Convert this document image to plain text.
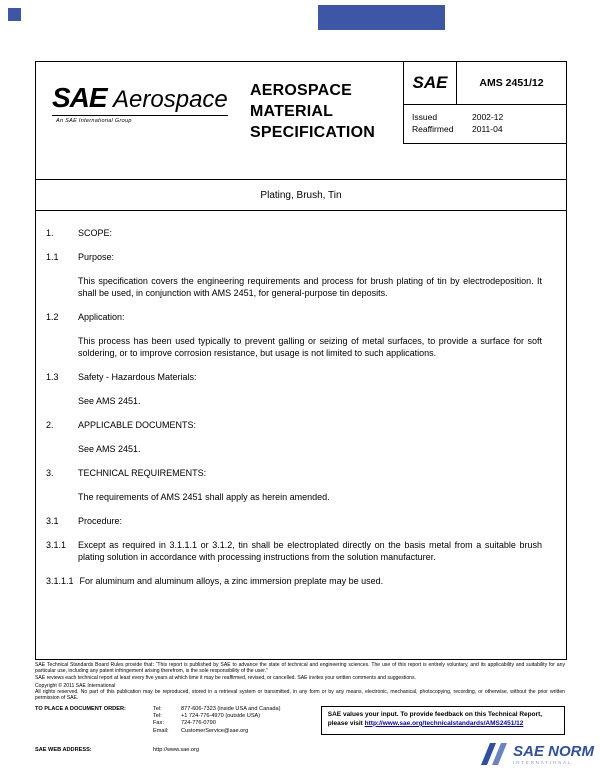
SAE Aerospace
An SAE International Group
AEROSPACE
MATERIAL
SPECIFICATION
SAE	AMS 2451/12
Issued	2002-12
Reaffirmed	2011-04
Plating, Brush, Tin
1.	SCOPE:
1.1	Purpose:
This specification covers the engineering requirements and process for brush plating of tin by electrodeposition. It shall be used, in conjunction with AMS 2451, for general-purpose tin deposits.
1.2	Application:
This process has been used typically to prevent galling or seizing of metal surfaces, to provide a surface for soft soldering, or to improve corrosion resistance, but usage is not limited to such applications.
1.3	Safety - Hazardous Materials:
See AMS 2451.
2.	APPLICABLE DOCUMENTS:
See AMS 2451.
3.	TECHNICAL REQUIREMENTS:
The requirements of AMS 2451 shall apply as herein amended.
3.1	Procedure:
3.1.1	Except as required in 3.1.1.1 or 3.1.2, tin shall be electroplated directly on the basis metal from a suitable brush plating solution in accordance with processing instructions from the solution manufacturer.
3.1.1.1 For aluminum and aluminum alloys, a zinc immersion preplate may be used.
SAE Technical Standards Board Rules provide that: “This report is published by SAE to advance the state of technical and engineering sciences. The use of this report is entirely voluntary, and its applicability and suitability for any particular use, including any patent infringement arising therefrom, is the sole responsibility of the user.”
SAE reviews each technical report at least every five years at which time it may be reaffirmed, revised, or cancelled. SAE invites your written comments and suggestions.
Copyright © 2011 SAE International
All rights reserved. No part of this publication may be reproduced, stored in a retrieval system or transmitted, in any form or by any means, electronic, mechanical, photocopying, recording, or otherwise, without the prior written permission of SAE.
TO PLACE A DOCUMENT ORDER:	Tel:	877-606-7323 (inside USA and Canada)
Tel:	+1 724-776-4970 (outside USA)
Fax:	724-776-0790
Email:	CustomerService@sae.org
SAE WEB ADDRESS:	http://www.sae.org
SAE values your input. To provide feedback on this Technical Report, please visit http://www.sae.org/technicalstandards/AMS2451/12
SAE NORM
INTERNATIONAL
